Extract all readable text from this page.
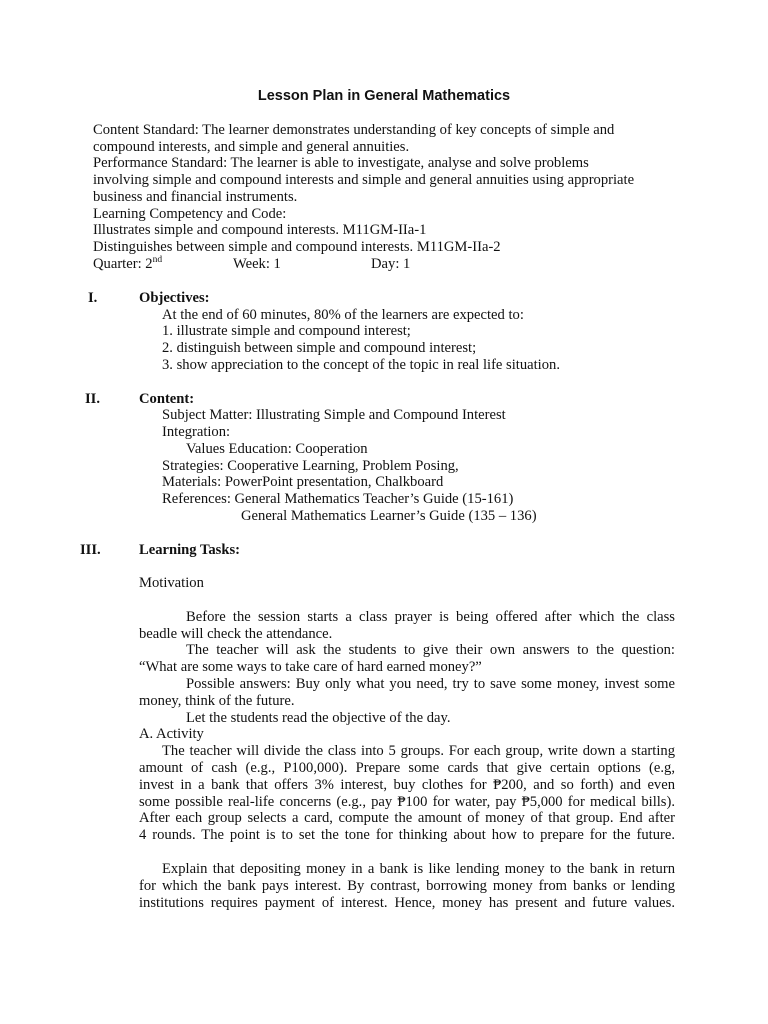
Lesson Plan in General Mathematics
Content Standard: The learner demonstrates understanding of key concepts of simple and
compound interests, and simple and general annuities.
Performance Standard: The learner is able to investigate, analyse and solve problems
involving simple and compound interests and simple and general annuities using appropriate
business and financial instruments.
Learning Competency and Code:
Illustrates simple and compound interests. M11GM-IIa-1
Distinguishes between simple and compound interests. M11GM-IIa-2
Quarter: 2nd	Week: 1	Day: 1
I.	Objectives:
At the end of 60 minutes, 80% of the learners are expected to:
1. illustrate simple and compound interest;
2. distinguish between simple and compound interest;
3. show appreciation to the concept of the topic in real life situation.
II.	Content:
Subject Matter: Illustrating Simple and Compound Interest
Integration:
Values Education: Cooperation
Strategies: Cooperative Learning, Problem Posing,
Materials: PowerPoint presentation, Chalkboard
References: General Mathematics Teacher’s Guide (15-161)
General Mathematics Learner’s Guide (135 – 136)
III.	Learning Tasks:
Motivation
Before the session starts a class prayer is being offered after which the class
beadle will check the attendance.
The teacher will ask the students to give their own answers to the question:
“What are some ways to take care of hard earned money?”
Possible answers: Buy only what you need, try to save some money, invest some
money, think of the future.
Let the students read the objective of the day.
A. Activity
The teacher will divide the class into 5 groups. For each group, write down a starting
amount of cash (e.g., P100,000). Prepare some cards that give certain options (e.g,
invest in a bank that offers 3% interest, buy clothes for ₱200, and so forth) and even
some possible real-life concerns (e.g., pay ₱100 for water, pay ₱5,000 for medical bills).
After each group selects a card, compute the amount of money of that group. End after
4 rounds. The point is to set the tone for thinking about how to prepare for the future.
Explain that depositing money in a bank is like lending money to the bank in return
for which the bank pays interest. By contrast, borrowing money from banks or lending
institutions requires payment of interest. Hence, money has present and future values.
